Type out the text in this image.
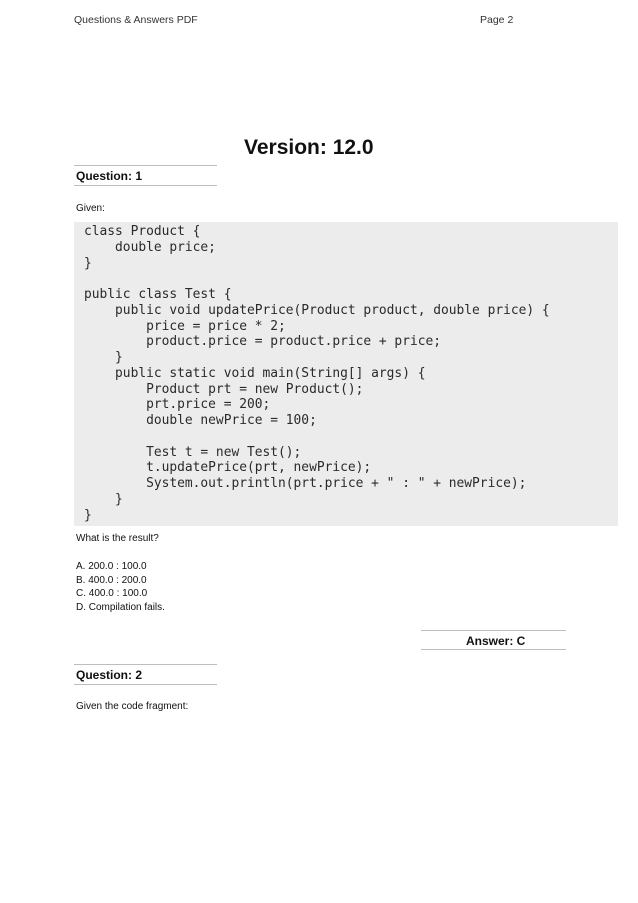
Questions & Answers PDF	Page 2
Version: 12.0
Question: 1
Given:
class Product {
double price;
}

public class Test {
public void updatePrice(Product product, double price) {
price = price * 2;
product.price = product.price + price;
}
public static void main(String[] args) {
Product prt = new Product();
prt.price = 200;
double newPrice = 100;

Test t = new Test();
t.updatePrice(prt, newPrice);
System.out.println(prt.price + " : " + newPrice);
}
}
What is the result?
A. 200.0 : 100.0
B. 400.0 : 200.0
C. 400.0 : 100.0
D. Compilation fails.
Answer: C
Question: 2
Given the code fragment:
